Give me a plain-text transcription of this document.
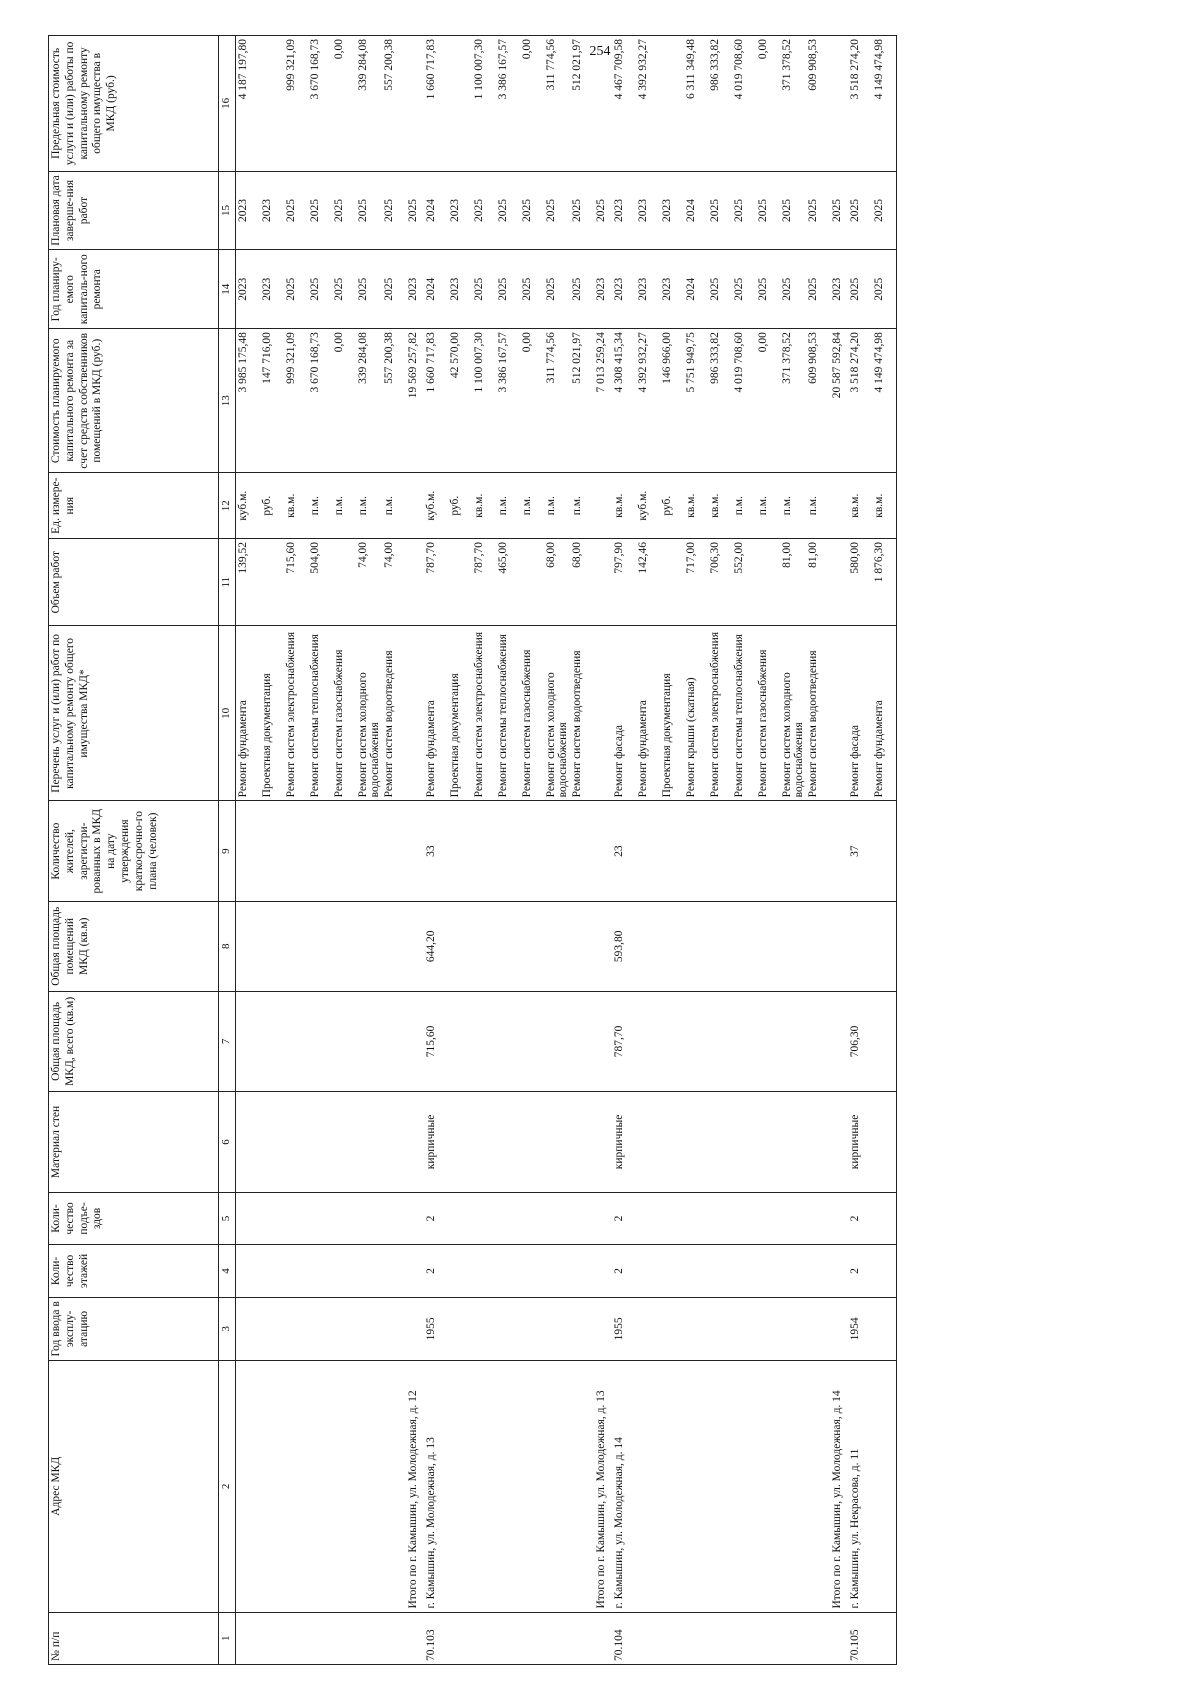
254
№ п/п	Адрес МКД	Год ввода в эксплу-атацию	Коли-чество этажей	Коли-чество подъе-здов	Материал стен	Общая площадь МКД, всего (кв.м)	Общая площадь помещений МКД (кв.м)	Количество жителей, зарегистри-рованных в МКД на дату утверждения краткосрочно-го плана (человек)	Перечень услуг и (или) работ по капитальному ремонту общего имущества МКД*	Объем работ	Ед. измере-ния	Стоимость планируемого капитального ремонта за счет средств собственников помещений в МКД (руб.)	Год планиру-емого капиталь-ного ремонта	Плановая дата заверше-ния работ	Предельная стоимость услуги и (или) работы по капитальному ремонту общего имущества в МКД (руб.)
1	2	3	4	5	6	7	8	9	10	11	12	13	14	15	16
									Ремонт фундамента	139,52	куб.м.	3 985 175,48	2023	2023	4 187 197,80
									Проектная документация		руб.	147 716,00	2023	2023	
									Ремонт систем электроснабжения	715,60	кв.м.	999 321,09	2025	2025	999 321,09
									Ремонт системы теплоснабжения	504,00	п.м.	3 670 168,73	2025	2025	3 670 168,73
									Ремонт систем газоснабжения		п.м.	0,00	2025	2025	0,00
									Ремонт систем холодного водоснабжения	74,00	п.м.	339 284,08	2025	2025	339 284,08
									Ремонт систем водоотведения	74,00	п.м.	557 200,38	2025	2025	557 200,38
	Итого по г. Камышин, ул. Молодежная, д. 12											19 569 257,82	2023	2025	
70.103	г. Камышин, ул. Молодежная, д. 13	1955	2	2	кирпичные	715,60	644,20	33	Ремонт фундамента	787,70	куб.м.	1 660 717,83	2024	2024	1 660 717,83
									Проектная документация		руб.	42 570,00	2023	2023	
									Ремонт систем электроснабжения	787,70	кв.м.	1 100 007,30	2025	2025	1 100 007,30
									Ремонт системы теплоснабжения	465,00	п.м.	3 386 167,57	2025	2025	3 386 167,57
									Ремонт систем газоснабжения		п.м.	0,00	2025	2025	0,00
									Ремонт систем холодного водоснабжения	68,00	п.м.	311 774,56	2025	2025	311 774,56
									Ремонт систем водоотведения	68,00	п.м.	512 021,97	2025	2025	512 021,97
	Итого по г. Камышин, ул. Молодежная, д. 13											7 013 259,24	2023	2025	
70.104	г. Камышин, ул. Молодежная, д. 14	1955	2	2	кирпичные	787,70	593,80	23	Ремонт фасада	797,90	кв.м.	4 308 415,34	2023	2023	4 467 709,58
									Ремонт фундамента	142,46	куб.м.	4 392 932,27	2023	2023	4 392 932,27
									Проектная документация		руб.	146 966,00	2023	2023	
									Ремонт крыши (скатная)	717,00	кв.м.	5 751 949,75	2024	2024	6 311 349,48
									Ремонт систем электроснабжения	706,30	кв.м.	986 333,82	2025	2025	986 333,82
									Ремонт системы теплоснабжения	552,00	п.м.	4 019 708,60	2025	2025	4 019 708,60
									Ремонт систем газоснабжения		п.м.	0,00	2025	2025	0,00
									Ремонт систем холодного водоснабжения	81,00	п.м.	371 378,52	2025	2025	371 378,52
									Ремонт систем водоотведения	81,00	п.м.	609 908,53	2025	2025	609 908,53
	Итого по г. Камышин, ул. Молодежная, д. 14											20 587 592,84	2023	2025	
70.105	г. Камышин, ул. Некрасова, д. 11	1954	2	2	кирпичные	706,30		37	Ремонт фасада	580,00	кв.м.	3 518 274,20	2025	2025	3 518 274,20
									Ремонт фундамента	1 876,30	кв.м.	4 149 474,98	2025	2025	4 149 474,98
